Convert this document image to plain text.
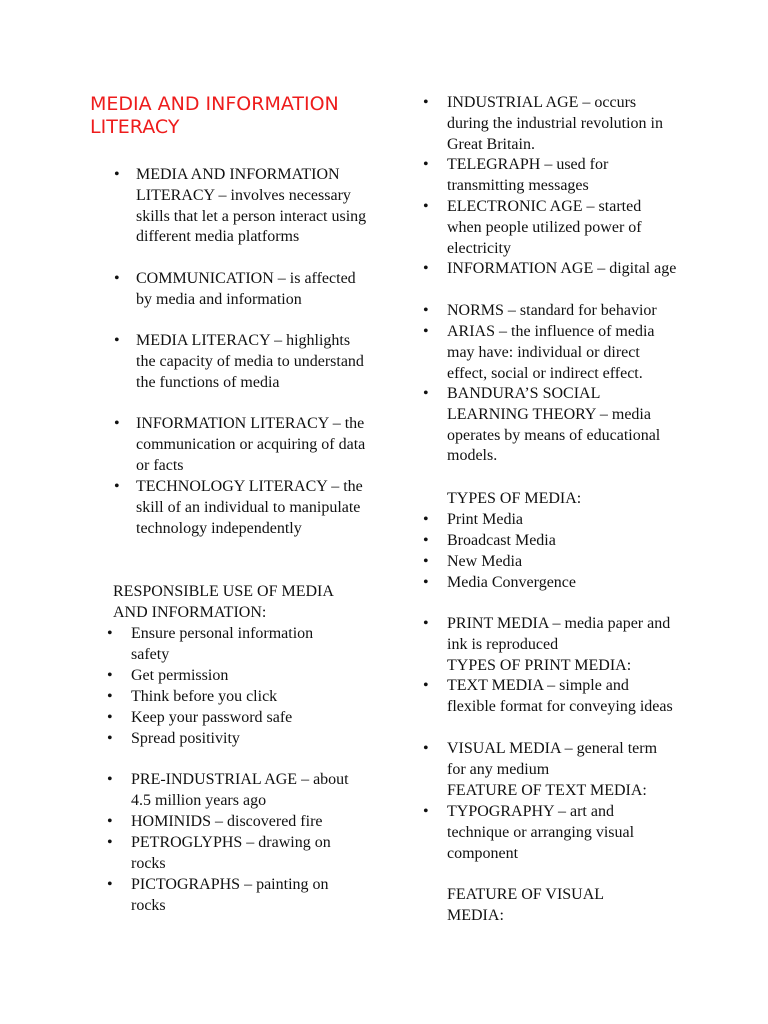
MEDIA AND INFORMATION LITERACY
• MEDIA AND INFORMATION LITERACY – involves necessary skills that let a person interact using different media platforms
• COMMUNICATION – is affected by media and information
• MEDIA LITERACY – highlights the capacity of media to understand the functions of media
• INFORMATION LITERACY – the communication or acquiring of data or facts
• TECHNOLOGY LITERACY – the skill of an individual to manipulate technology independently

RESPONSIBLE USE OF MEDIA AND INFORMATION:

• Ensure personal information safety
• Get permission
• Think before you click
• Keep your password safe
• Spread positivity
• PRE-INDUSTRIAL AGE – about 4.5 million years ago
• HOMINIDS – discovered fire
• PETROGLYPHS – drawing on rocks
• PICTOGRAPHS – painting on rocks
• INDUSTRIAL AGE – occurs during the industrial revolution in Great Britain.
• TELEGRAPH – used for transmitting messages
• ELECTRONIC AGE – started when people utilized power of electricity
• INFORMATION AGE – digital age
• NORMS – standard for behavior
• ARIAS – the influence of media may have: individual or direct effect, social or indirect effect.
• BANDURA’S SOCIAL LEARNING THEORY – media operates by means of educational models.

TYPES OF MEDIA:

• Print Media
• Broadcast Media
• New Media
• Media Convergence
• PRINT MEDIA – media paper and ink is reproduced

TYPES OF PRINT MEDIA:

• TEXT MEDIA – simple and flexible format for conveying ideas
• VISUAL MEDIA – general term for any medium

FEATURE OF TEXT MEDIA:

• TYPOGRAPHY – art and technique or arranging visual component

FEATURE OF VISUAL MEDIA:
